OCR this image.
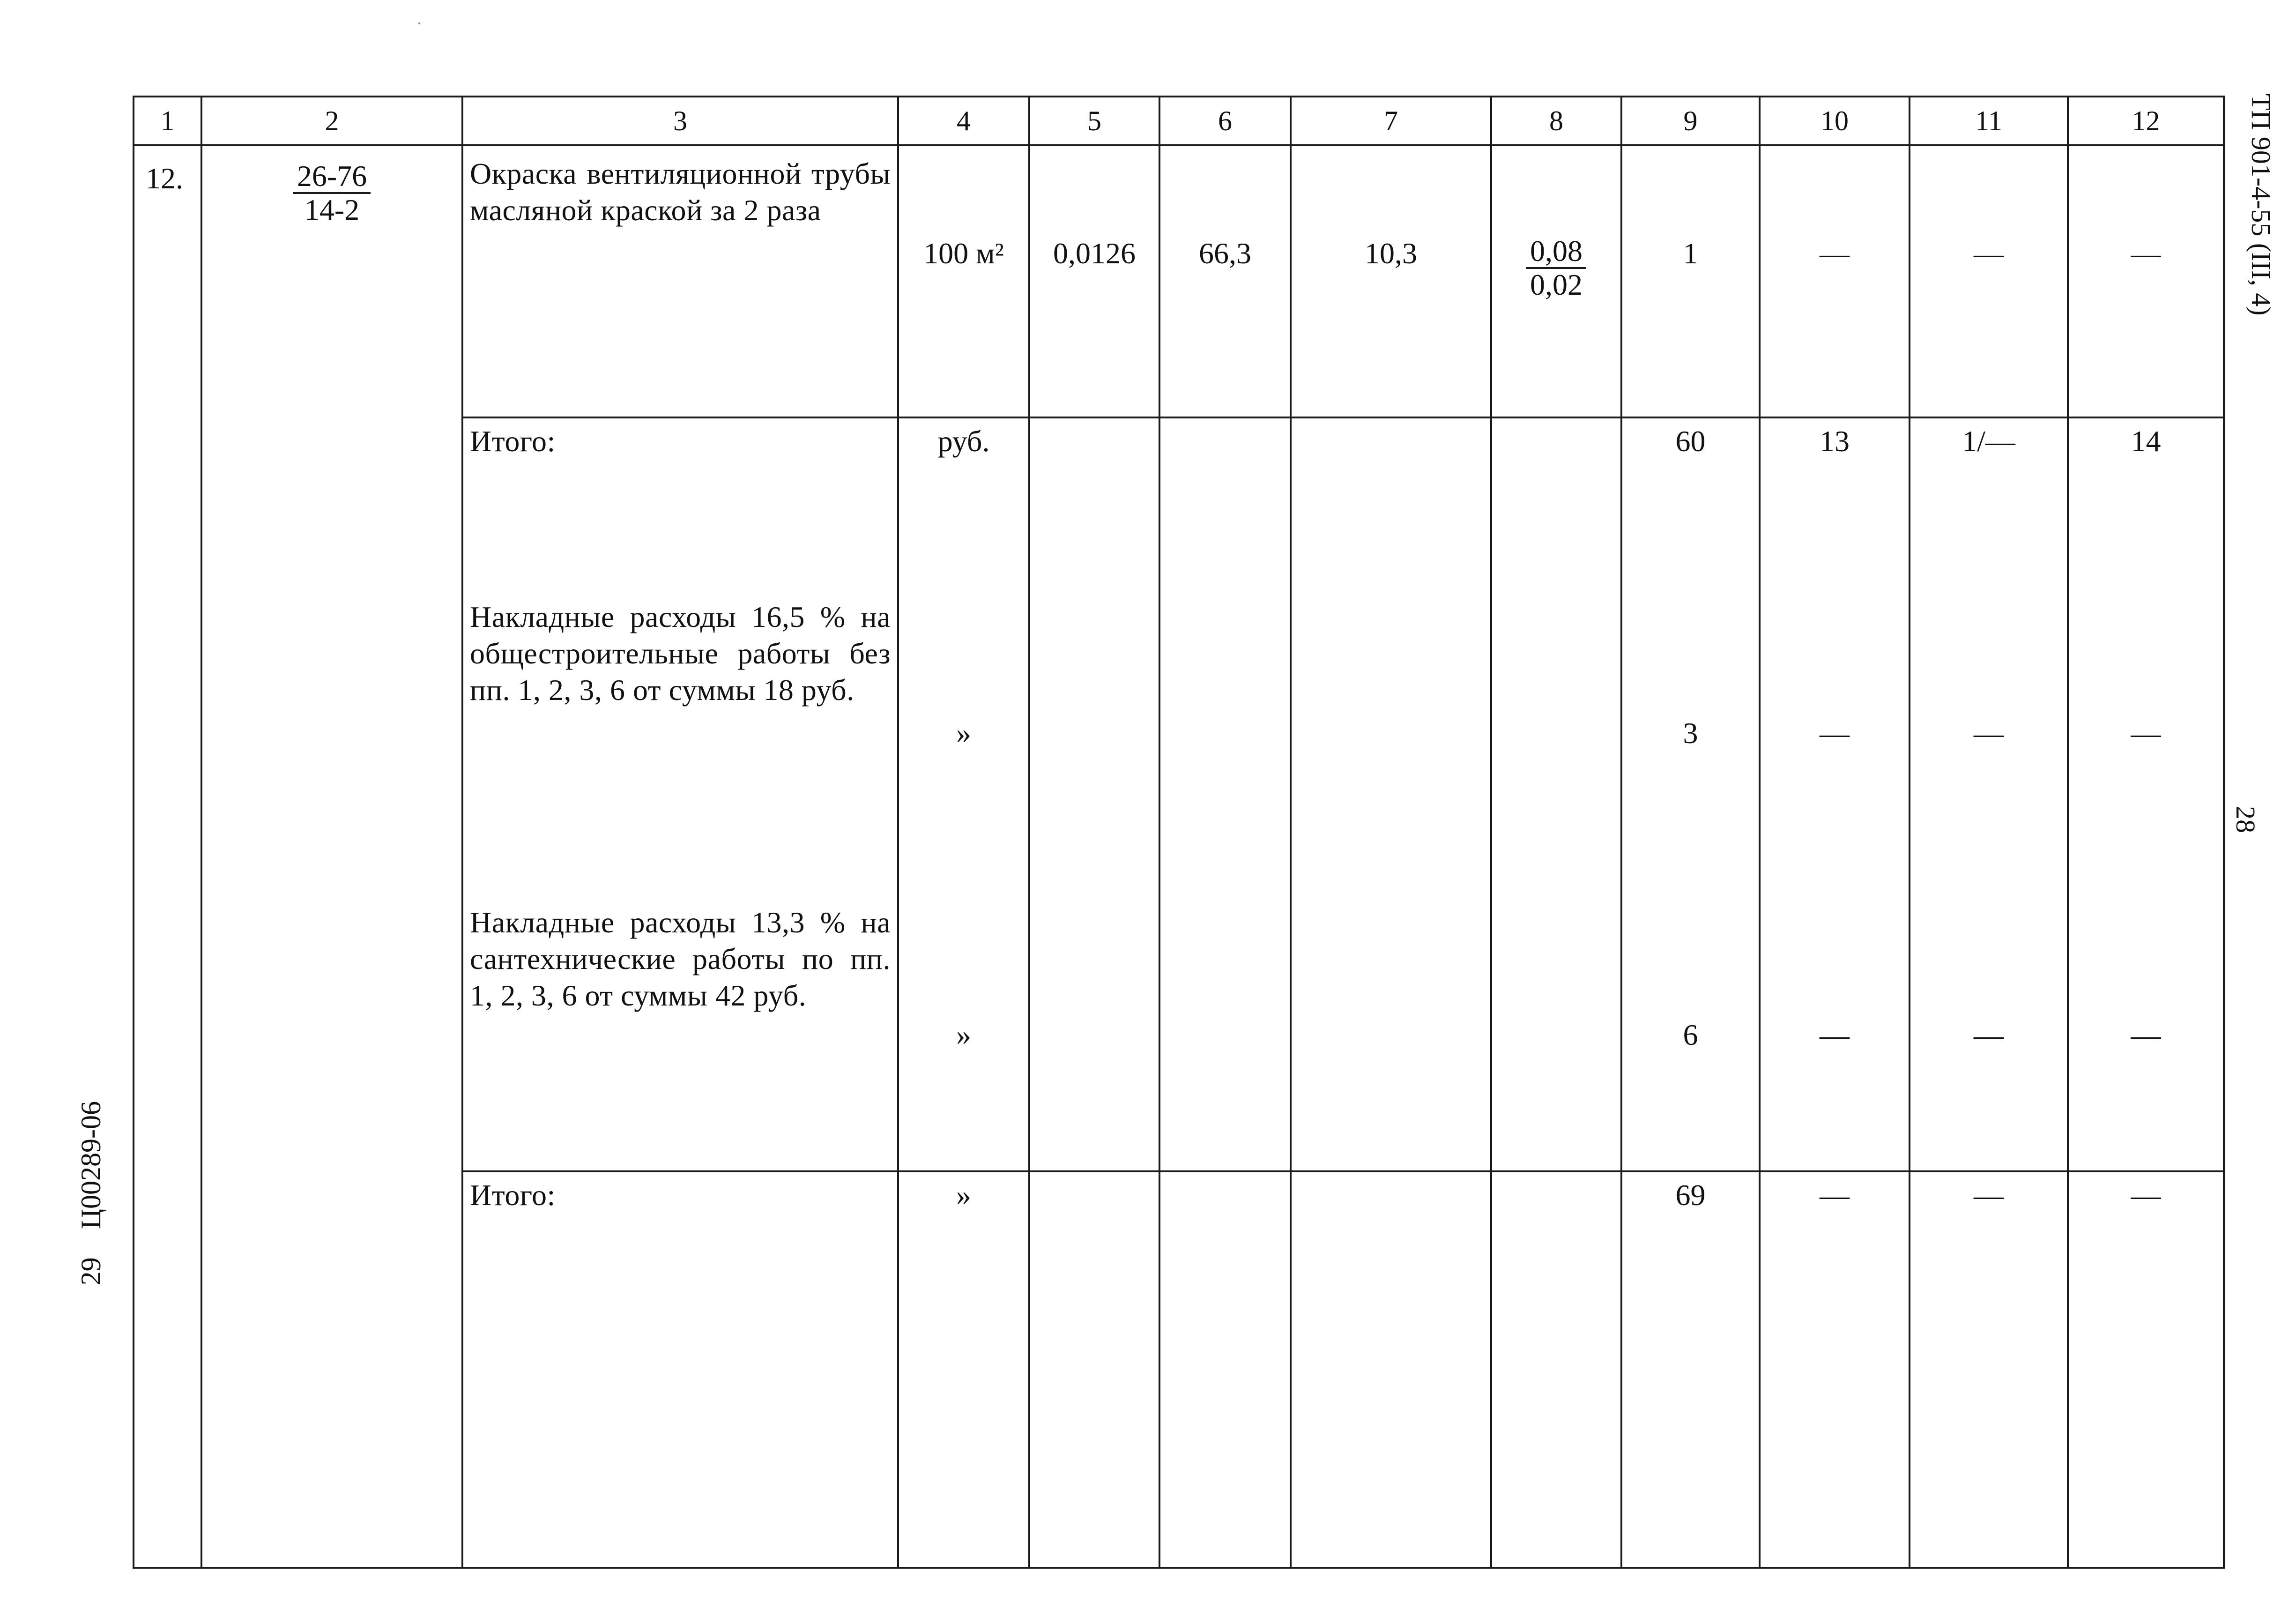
1	2	3	4	5	6	7	8	9	10	11	12
12.	$\frac{26-76}{14-2}$	Окраска вентиляционной трубы масляной краской за 2 раза	100 м²	0,0126	66,3	10,3	$\frac{0,08}{0,02}$	1	—	—	—
		Итого:	руб.					60	13	1/—	14
		Накладные расходы 16,5 % на общестроительные работы без пп. 1, 2, 3, 6 от суммы 18 руб.	»					3	—	—	—
		Накладные расходы 13,3 % на сантехнические работы по пп. 1, 2, 3, 6 от суммы 42 руб.	»					6	—	—	—
		Итого:	»					69	—	—	—
ТП 901-4-55 (III, 4)
28
29    Ц00289-06
